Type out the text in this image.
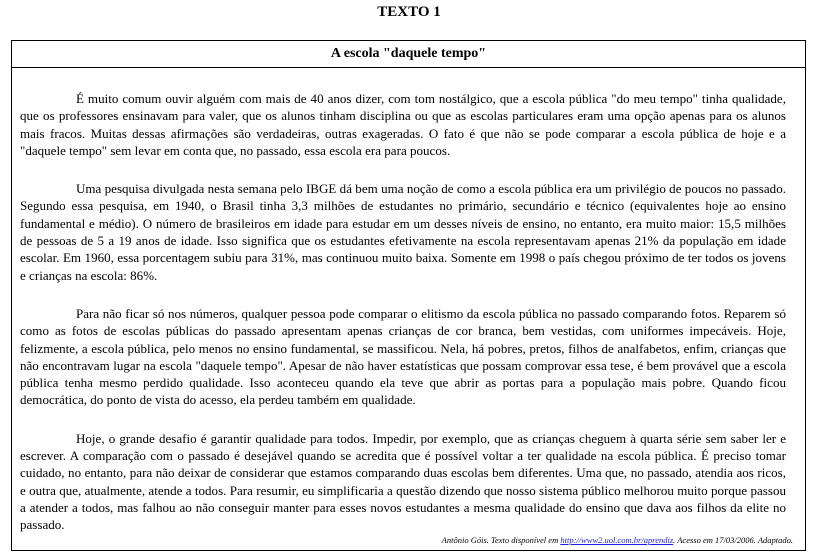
TEXTO 1
A escola "daquele tempo"

É muito comum ouvir alguém com mais de 40 anos dizer, com tom nostálgico, que a escola pública "do meu tempo" tinha qualidade, que os professores ensinavam para valer, que os alunos tinham disciplina ou que as escolas particulares eram uma opção apenas para os alunos mais fracos. Muitas dessas afirmações são verdadeiras, outras exageradas. O fato é que não se pode comparar a escola pública de hoje e a "daquele tempo" sem levar em conta que, no passado, essa escola era para poucos.

Uma pesquisa divulgada nesta semana pelo IBGE dá bem uma noção de como a escola pública era um privilégio de poucos no passado. Segundo essa pesquisa, em 1940, o Brasil tinha 3,3 milhões de estudantes no primário, secundário e técnico (equivalentes hoje ao ensino fundamental e médio). O número de brasileiros em idade para estudar em um desses níveis de ensino, no entanto, era muito maior: 15,5 milhões de pessoas de 5 a 19 anos de idade. Isso significa que os estudantes efetivamente na escola representavam apenas 21% da população em idade escolar. Em 1960, essa porcentagem subiu para 31%, mas continuou muito baixa. Somente em 1998 o país chegou próximo de ter todos os jovens e crianças na escola: 86%.

Para não ficar só nos números, qualquer pessoa pode comparar o elitismo da escola pública no passado comparando fotos. Reparem só como as fotos de escolas públicas do passado apresentam apenas crianças de cor branca, bem vestidas, com uniformes impecáveis. Hoje, felizmente, a escola pública, pelo menos no ensino fundamental, se massificou. Nela, há pobres, pretos, filhos de analfabetos, enfim, crianças que não encontravam lugar na escola "daquele tempo". Apesar de não haver estatísticas que possam comprovar essa tese, é bem provável que a escola pública tenha mesmo perdido qualidade. Isso aconteceu quando ela teve que abrir as portas para a população mais pobre. Quando ficou democrática, do ponto de vista do acesso, ela perdeu também em qualidade.

Hoje, o grande desafio é garantir qualidade para todos. Impedir, por exemplo, que as crianças cheguem à quarta série sem saber ler e escrever. A comparação com o passado é desejável quando se acredita que é possível voltar a ter qualidade na escola pública. É preciso tomar cuidado, no entanto, para não deixar de considerar que estamos comparando duas escolas bem diferentes. Uma que, no passado, atendia aos ricos, e outra que, atualmente, atende a todos. Para resumir, eu simplificaria a questão dizendo que nosso sistema público melhorou muito porque passou a atender a todos, mas falhou ao não conseguir manter para esses novos estudantes a mesma qualidade do ensino que dava aos filhos da elite no passado.

Antônio Góis. Texto disponível em http://www2.uol.com.br/aprendiz. Acesso em 17/03/2006. Adaptado.
